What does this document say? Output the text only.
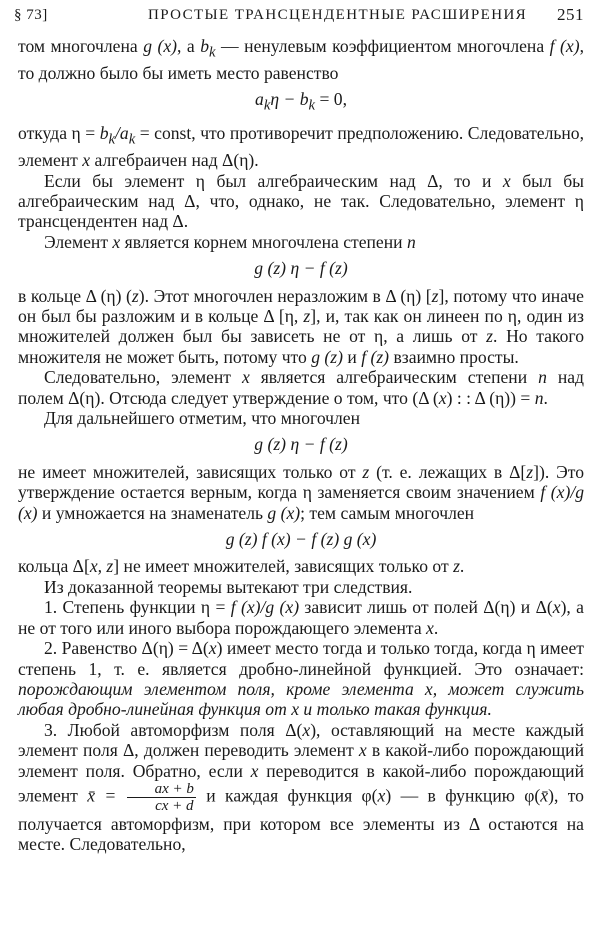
§ 73]	ПРОСТЫЕ ТРАНСЦЕНДЕНТНЫЕ РАСШИРЕНИЯ 251

том многочлена g (x), а $b_k$ — ненулевым коэффициентом многочлена f (x), то должно было бы иметь место равенство

$a_k\eta - b_k = 0$,

откуда $\eta = b_k/a_k$ = const, что противоречит предположению. Следовательно, элемент x алгебраичен над Δ(η).

Если бы элемент η был алгебраическим над Δ, то и x был бы алгебраическим над Δ, что, однако, не так. Следовательно, элемент η трансцендентен над Δ.

Элемент x является корнем многочлена степени n

g (z) η − f (z)

в кольце Δ (η) (z). Этот многочлен неразложим в Δ (η) [z], потому что иначе он был бы разложим и в кольце Δ [η, z], и, так как он линеен по η, один из множителей должен был бы зависеть не от η, а лишь от z. Но такого множителя не может быть, потому что g (z) и f (z) взаимно просты.

Следовательно, элемент x является алгебраическим степени n над полем Δ(η). Отсюда следует утверждение о том, что (Δ (x) : : Δ (η)) = n.

Для дальнейшего отметим, что многочлен

g (z) η − f (z)

не имеет множителей, зависящих только от z (т. е. лежащих в Δ[z]). Это утверждение остается верным, когда η заменяется своим значением f (x)/g (x) и умножается на знаменатель g (x); тем самым многочлен

g (z) f (x) − f (z) g (x)

кольца Δ[x, z] не имеет множителей, зависящих только от z.

Из доказанной теоремы вытекают три следствия.

1. Степень функции η = f (x)/g (x) зависит лишь от полей Δ(η) и Δ(x), а не от того или иного выбора порождающего элемента x.

2. Равенство Δ(η) = Δ(x) имеет место тогда и только тогда, когда η имеет степень 1, т. е. является дробно-линейной функцией. Это означает: порождающим элементом поля, кроме элемента x, может служить любая дробно-линейная функция от x и только такая функция.

3. Любой автоморфизм поля Δ(x), оставляющий на месте каждый элемент поля Δ, должен переводить элемент x в какой-либо порождающий элемент поля. Обратно, если x переводится в какой-либо порождающий элемент x̄ = $\frac{ax + b}{cx + d}$ и каждая функция φ(x) — в функцию φ(x̄), то получается автоморфизм, при котором все элементы из Δ остаются на месте. Следовательно,
